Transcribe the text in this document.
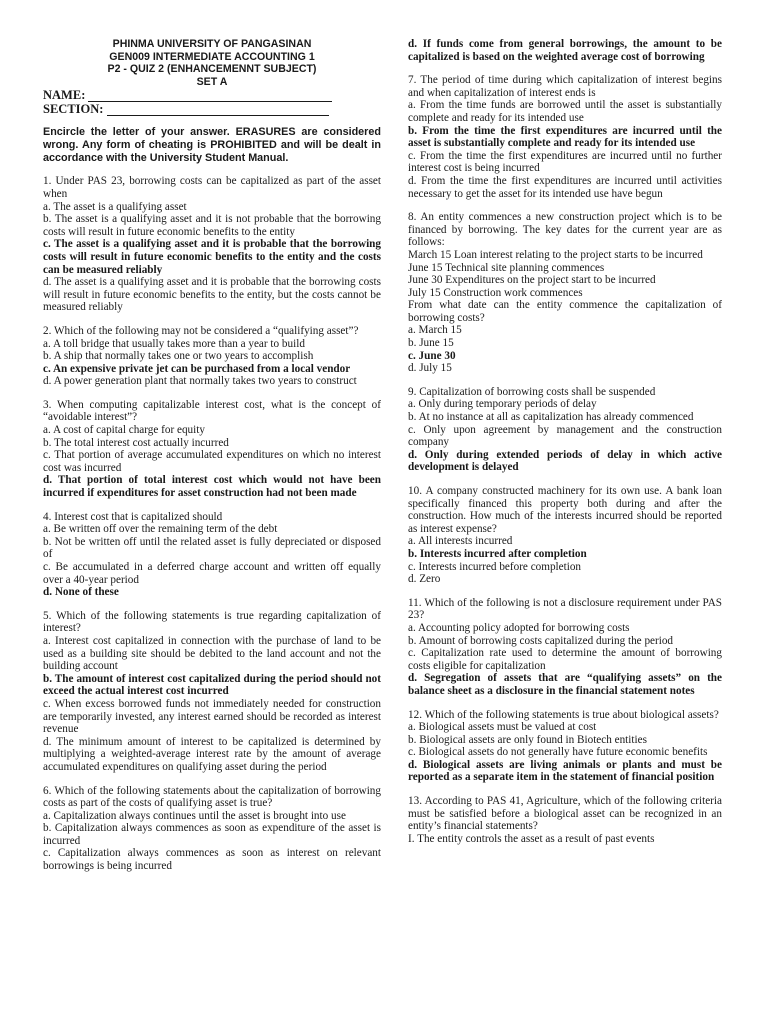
PHINMA UNIVERSITY OF PANGASINAN
GEN009 INTERMEDIATE ACCOUNTING 1
P2 - QUIZ 2 (ENHANCEMENNT SUBJECT)
SET A
NAME:
SECTION:
Encircle the letter of your answer. ERASURES are considered wrong. Any form of cheating is PROHIBITED and will be dealt in accordance with the University Student Manual.
1. Under PAS 23, borrowing costs can be capitalized as part of the asset when
a. The asset is a qualifying asset
b. The asset is a qualifying asset and it is not probable that the borrowing costs will result in future economic benefits to the entity
c. The asset is a qualifying asset and it is probable that the borrowing costs will result in future economic benefits to the entity and the costs can be measured reliably
d. The asset is a qualifying asset and it is probable that the borrowing costs will result in future economic benefits to the entity, but the costs cannot be measured reliably
2. Which of the following may not be considered a “qualifying asset”?
a. A toll bridge that usually takes more than a year to build
b. A ship that normally takes one or two years to accomplish
c. An expensive private jet can be purchased from a local vendor
d. A power generation plant that normally takes two years to construct
3. When computing capitalizable interest cost, what is the concept of “avoidable interest”?
a. A cost of capital charge for equity
b. The total interest cost actually incurred
c. That portion of average accumulated expenditures on which no interest cost was incurred
d. That portion of total interest cost which would not have been incurred if expenditures for asset construction had not been made
4. Interest cost that is capitalized should
a. Be written off over the remaining term of the debt
b. Not be written off until the related asset is fully depreciated or disposed of
c. Be accumulated in a deferred charge account and written off equally over a 40-year period
d. None of these
5. Which of the following statements is true regarding capitalization of interest?
a. Interest cost capitalized in connection with the purchase of land to be used as a building site should be debited to the land account and not the building account
b. The amount of interest cost capitalized during the period should not exceed the actual interest cost incurred
c. When excess borrowed funds not immediately needed for construction are temporarily invested, any interest earned should be recorded as interest revenue
d. The minimum amount of interest to be capitalized is determined by multiplying a weighted-average interest rate by the amount of average accumulated expenditures on qualifying asset during the period
6. Which of the following statements about the capitalization of borrowing costs as part of the costs of qualifying asset is true?
a. Capitalization always continues until the asset is brought into use
b. Capitalization always commences as soon as expenditure of the asset is incurred
c. Capitalization always commences as soon as interest on relevant borrowings is being incurred
d. If funds come from general borrowings, the amount to be capitalized is based on the weighted average cost of borrowing
7. The period of time during which capitalization of interest begins and when capitalization of interest ends is
a. From the time funds are borrowed until the asset is substantially complete and ready for its intended use
b. From the time the first expenditures are incurred until the asset is substantially complete and ready for its intended use
c. From the time the first expenditures are incurred until no further interest cost is being incurred
d. From the time the first expenditures are incurred until activities necessary to get the asset for its intended use have begun
8. An entity commences a new construction project which is to be financed by borrowing. The key dates for the current year are as follows:
March 15 Loan interest relating to the project starts to be incurred
June 15 Technical site planning commences
June 30 Expenditures on the project start to be incurred
July 15 Construction work commences
From what date can the entity commence the capitalization of borrowing costs?
a. March 15
b. June 15
c. June 30
d. July 15
9. Capitalization of borrowing costs shall be suspended
a. Only during temporary periods of delay
b. At no instance at all as capitalization has already commenced
c. Only upon agreement by management and the construction company
d. Only during extended periods of delay in which active development is delayed
10. A company constructed machinery for its own use. A bank loan specifically financed this property both during and after the construction. How much of the interests incurred should be reported as interest expense?
a. All interests incurred
b. Interests incurred after completion
c. Interests incurred before completion
d. Zero
11. Which of the following is not a disclosure requirement under PAS 23?
a. Accounting policy adopted for borrowing costs
b. Amount of borrowing costs capitalized during the period
c. Capitalization rate used to determine the amount of borrowing costs eligible for capitalization
d. Segregation of assets that are “qualifying assets” on the balance sheet as a disclosure in the financial statement notes
12. Which of the following statements is true about biological assets?
a. Biological assets must be valued at cost
b. Biological assets are only found in Biotech entities
c. Biological assets do not generally have future economic benefits
d. Biological assets are living animals or plants and must be reported as a separate item in the statement of financial position
13. According to PAS 41, Agriculture, which of the following criteria must be satisfied before a biological asset can be recognized in an entity’s financial statements?
I. The entity controls the asset as a result of past events
